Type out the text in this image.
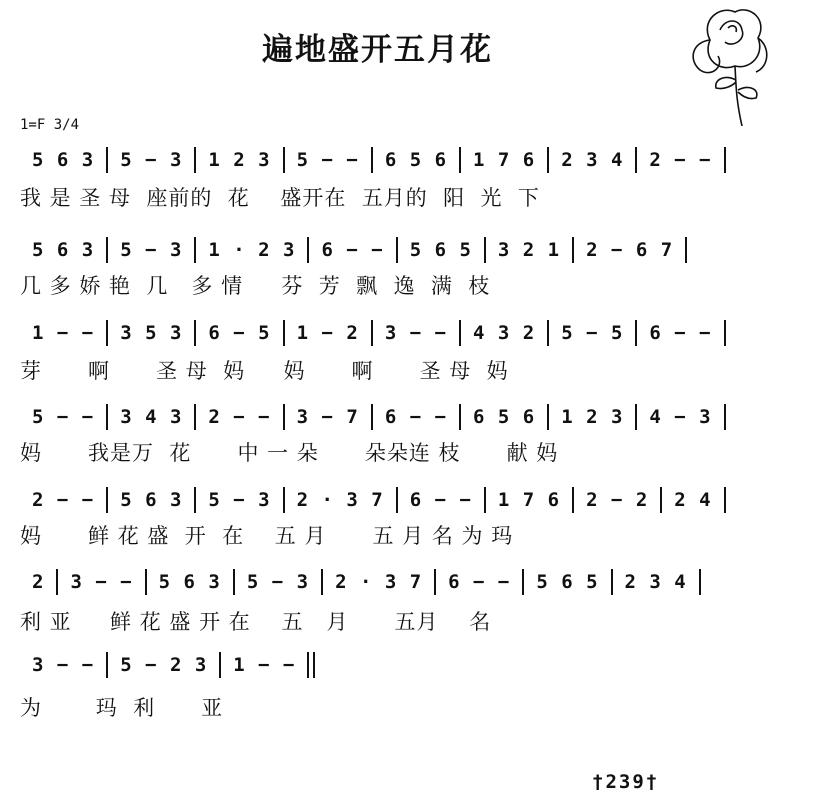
遍地盛开五月花
1=F 3/4
5 6 3	5 − 3	1 2 3	5 − −	6 5 6	1 7 6	2 3 4	2 − −
我 是 圣 母  座前的  花    盛开在  五月的  阳  光  下
5 6 3	5 − 3	1 · 2 3	6 − −	5 6 5	3 2 1	2 − 6 7
几 多 娇 艳  几   多 情     芬  芳  飘  逸  满  枝
1 − −	3 5 3	6 − 5	1 − 2	3 − −	4 3 2	5 − 5	6 − −
芽      啊      圣 母  妈     妈      啊      圣 母  妈
5 − −	3 4 3	2 − −	3 − 7	6 − −	6 5 6	1 2 3	4 − 3
妈      我是万  花      中 一 朵      朵朵连 枝      献 妈
2 − −	5 6 3	5 − 3	2 · 3 7	6 − −	1 7 6	2 − 2	2 4
妈      鲜 花 盛  开  在    五 月      五 月 名 为 玛
2	3 − −	5 6 3	5 − 3	2 · 3 7	6 − −	5 6 5	2 3 4
利 亚     鲜 花 盛 开 在    五   月      五月    名
3 − −	5 − 2 3	1 − −
为       玛  利      亚
†239†
